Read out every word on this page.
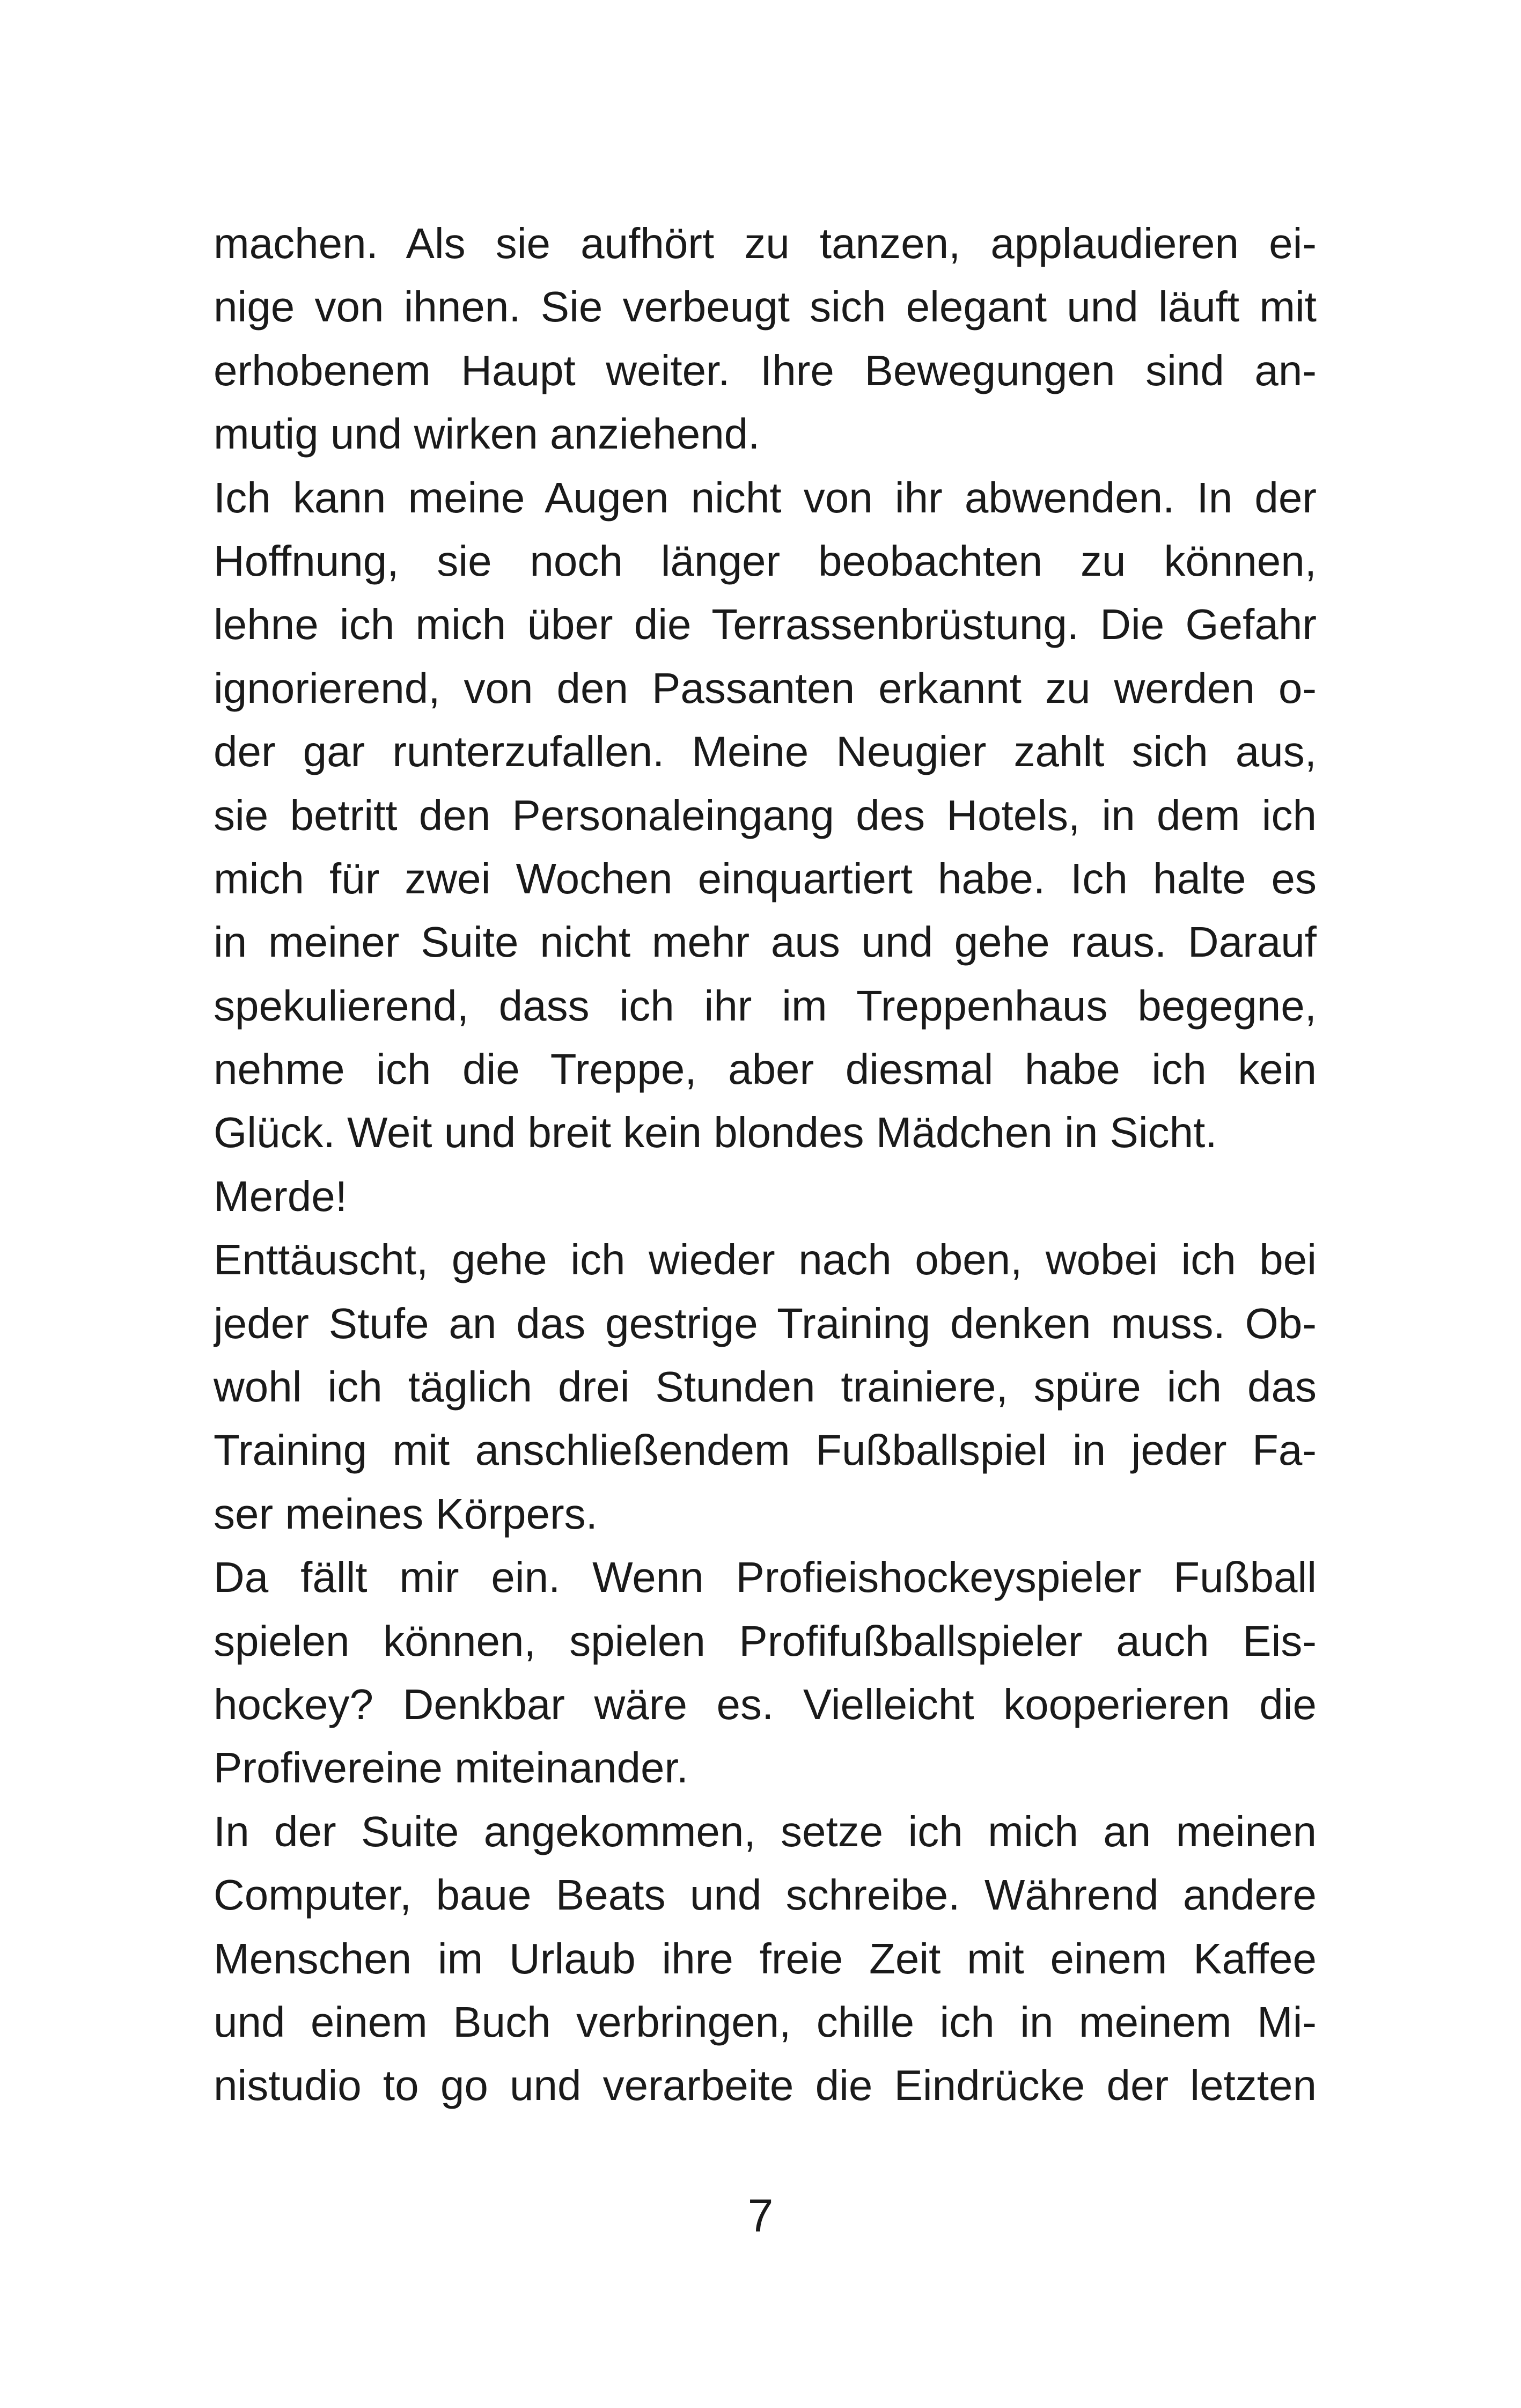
machen. Als sie aufhört zu tanzen, applaudieren ei-
nige von ihnen. Sie verbeugt sich elegant und läuft mit
erhobenem Haupt weiter. Ihre Bewegungen sind an-
mutig und wirken anziehend.
Ich kann meine Augen nicht von ihr abwenden. In der
Hoffnung, sie noch länger beobachten zu können,
lehne ich mich über die Terrassenbrüstung. Die Gefahr
ignorierend, von den Passanten erkannt zu werden o-
der gar runterzufallen. Meine Neugier zahlt sich aus,
sie betritt den Personaleingang des Hotels, in dem ich
mich für zwei Wochen einquartiert habe. Ich halte es
in meiner Suite nicht mehr aus und gehe raus. Darauf
spekulierend, dass ich ihr im Treppenhaus begegne,
nehme ich die Treppe, aber diesmal habe ich kein
Glück. Weit und breit kein blondes Mädchen in Sicht.
Merde!
Enttäuscht, gehe ich wieder nach oben, wobei ich bei
jeder Stufe an das gestrige Training denken muss. Ob-
wohl ich täglich drei Stunden trainiere, spüre ich das
Training mit anschließendem Fußballspiel in jeder Fa-
ser meines Körpers.
Da fällt mir ein. Wenn Profieishockeyspieler Fußball
spielen können, spielen Profifußballspieler auch Eis-
hockey? Denkbar wäre es. Vielleicht kooperieren die
Profivereine miteinander.
In der Suite angekommen, setze ich mich an meinen
Computer, baue Beats und schreibe. Während andere
Menschen im Urlaub ihre freie Zeit mit einem Kaffee
und einem Buch verbringen, chille ich in meinem Mi-
nistudio to go und verarbeite die Eindrücke der letzten
7
